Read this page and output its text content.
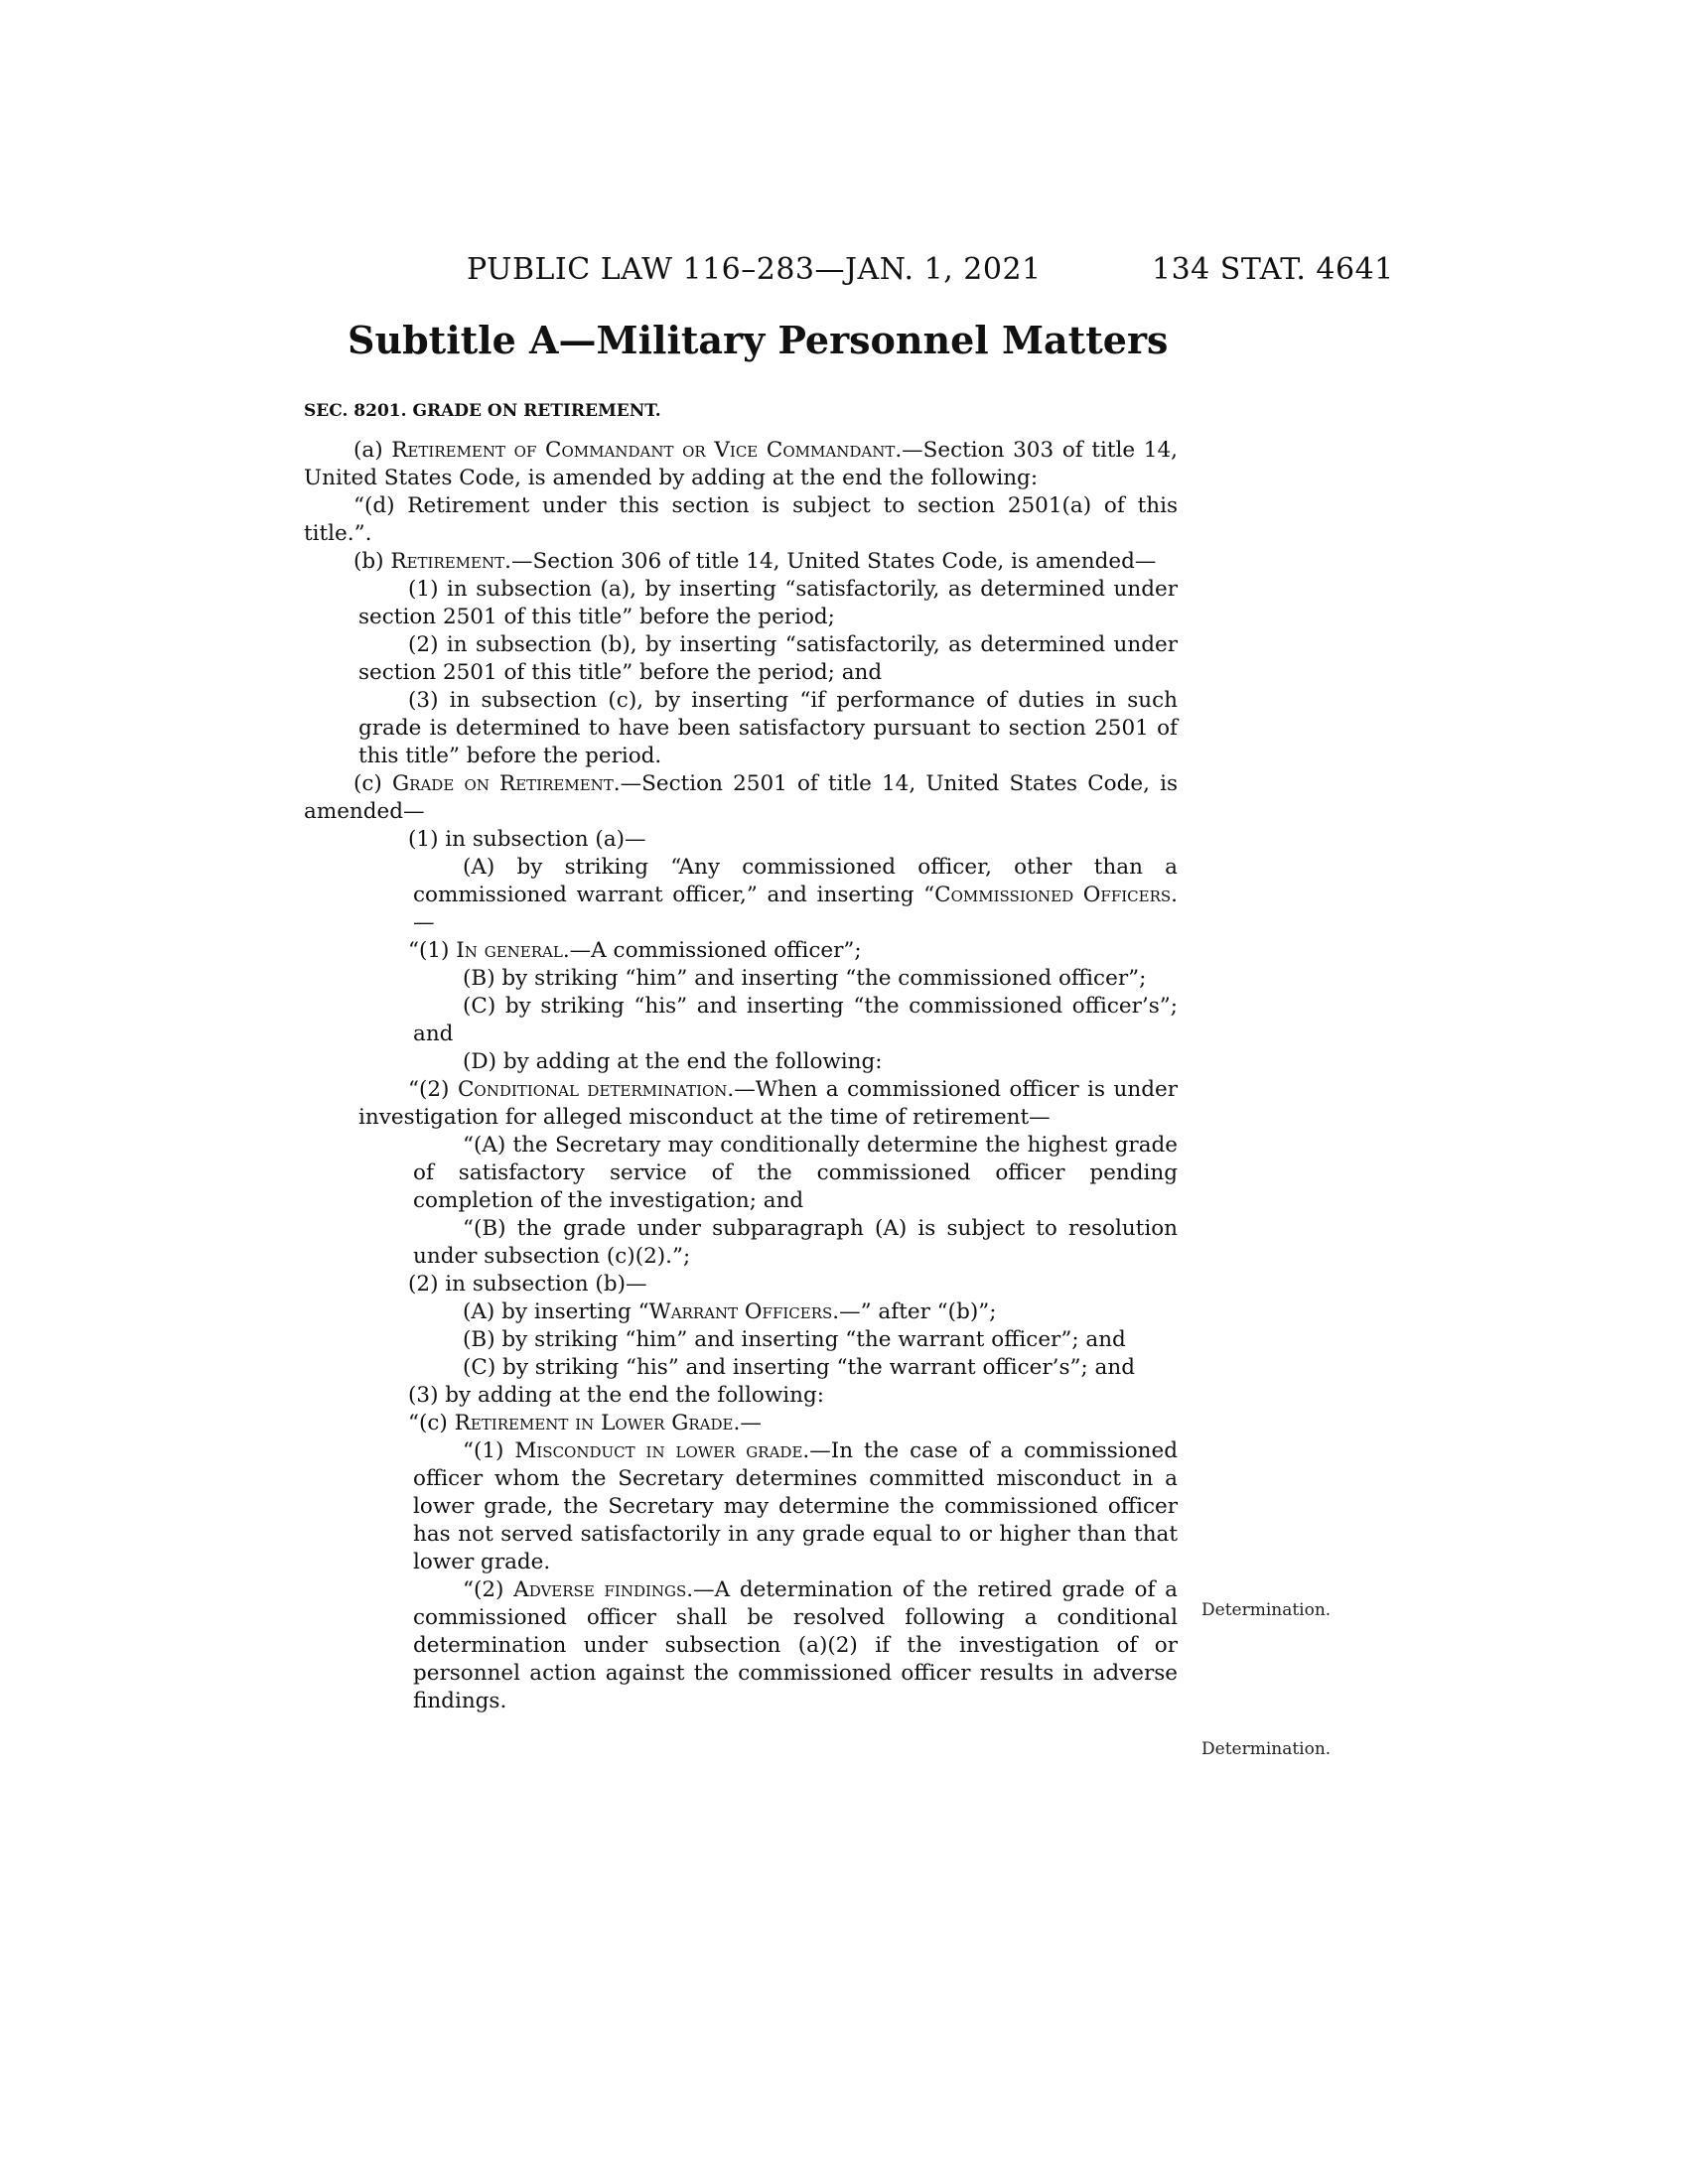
PUBLIC LAW 116–283—JAN. 1, 2021	134 STAT. 4641
Subtitle A—Military Personnel Matters
SEC. 8201. GRADE ON RETIREMENT.

(a) Retirement of Commandant or Vice Commandant.—Section 303 of title 14, United States Code, is amended by adding at the end the following:

“(d) Retirement under this section is subject to section 2501(a) of this title.”.

(b) Retirement.—Section 306 of title 14, United States Code, is amended—

(1) in subsection (a), by inserting “satisfactorily, as determined under section 2501 of this title” before the period;

(2) in subsection (b), by inserting “satisfactorily, as determined under section 2501 of this title” before the period; and

(3) in subsection (c), by inserting “if performance of duties in such grade is determined to have been satisfactory pursuant to section 2501 of this title” before the period.

(c) Grade on Retirement.—Section 2501 of title 14, United States Code, is amended—

(1) in subsection (a)—

(A) by striking “Any commissioned officer, other than a commissioned warrant officer,” and inserting “Commissioned Officers.—

“(1) In general.—A commissioned officer”;

(B) by striking “him” and inserting “the commissioned officer”;

(C) by striking “his” and inserting “the commissioned officer’s”; and

(D) by adding at the end the following:

“(2) Conditional determination.—When a commissioned officer is under investigation for alleged misconduct at the time of retirement—

“(A) the Secretary may conditionally determine the highest grade of satisfactory service of the commissioned officer pending completion of the investigation; and

“(B) the grade under subparagraph (A) is subject to resolution under subsection (c)(2).”;

(2) in subsection (b)—

(A) by inserting “Warrant Officers.—” after “(b)”;

(B) by striking “him” and inserting “the warrant officer”; and

(C) by striking “his” and inserting “the warrant officer’s”; and

(3) by adding at the end the following:

“(c) Retirement in Lower Grade.—

“(1) Misconduct in lower grade.—In the case of a commissioned officer whom the Secretary determines committed misconduct in a lower grade, the Secretary may determine the commissioned officer has not served satisfactorily in any grade equal to or higher than that lower grade.

“(2) Adverse findings.—A determination of the retired grade of a commissioned officer shall be resolved following a conditional determination under subsection (a)(2) if the investigation of or personnel action against the commissioned officer results in adverse findings.

Determination.
Determination.
